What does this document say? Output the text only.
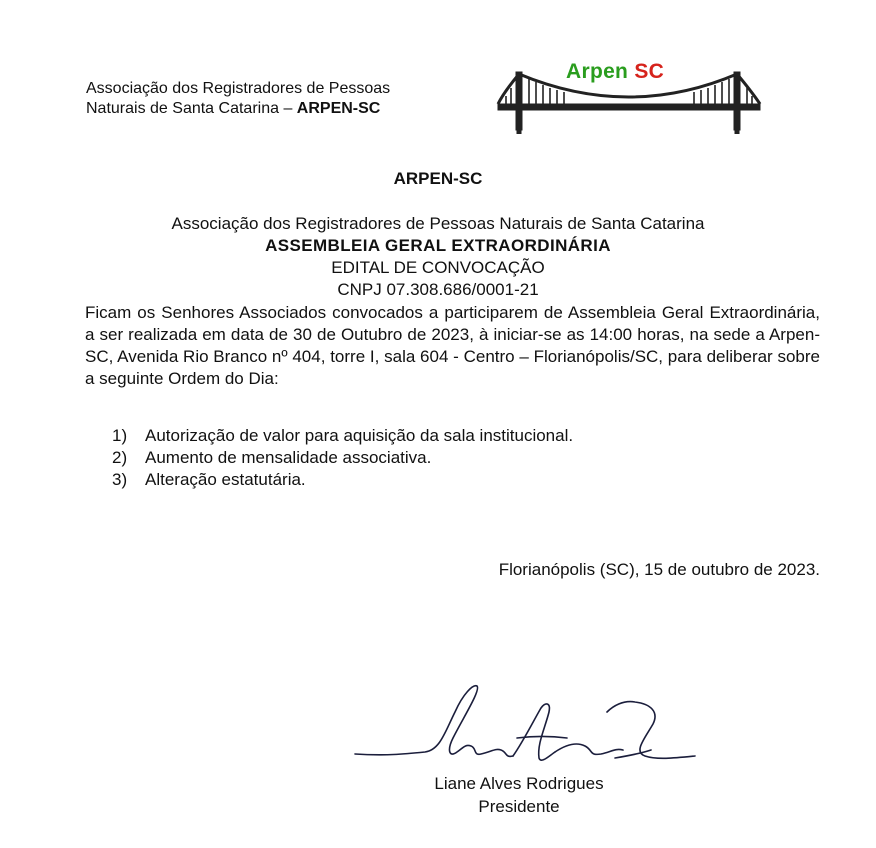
Associação dos Registradores de Pessoas
Naturais de Santa Catarina – ARPEN-SC
Arpen SC
ARPEN-SC
Associação dos Registradores de Pessoas Naturais de Santa Catarina
ASSEMBLEIA GERAL EXTRAORDINÁRIA
EDITAL DE CONVOCAÇÃO
CNPJ 07.308.686/0001-21
Ficam os Senhores Associados convocados a participarem de Assembleia Geral Extraordinária, a ser realizada em data de 30 de Outubro de 2023, à iniciar-se as 14:00 horas, na sede a Arpen-SC, Avenida Rio Branco nº 404, torre I, sala 604 - Centro – Florianópolis/SC, para deliberar sobre a seguinte Ordem do Dia:
1)	Autorização de valor para aquisição da sala institucional.
2)	Aumento de mensalidade associativa.
3)	Alteração estatutária.
Florianópolis (SC), 15 de outubro de 2023.
Liane Alves Rodrigues
Presidente
